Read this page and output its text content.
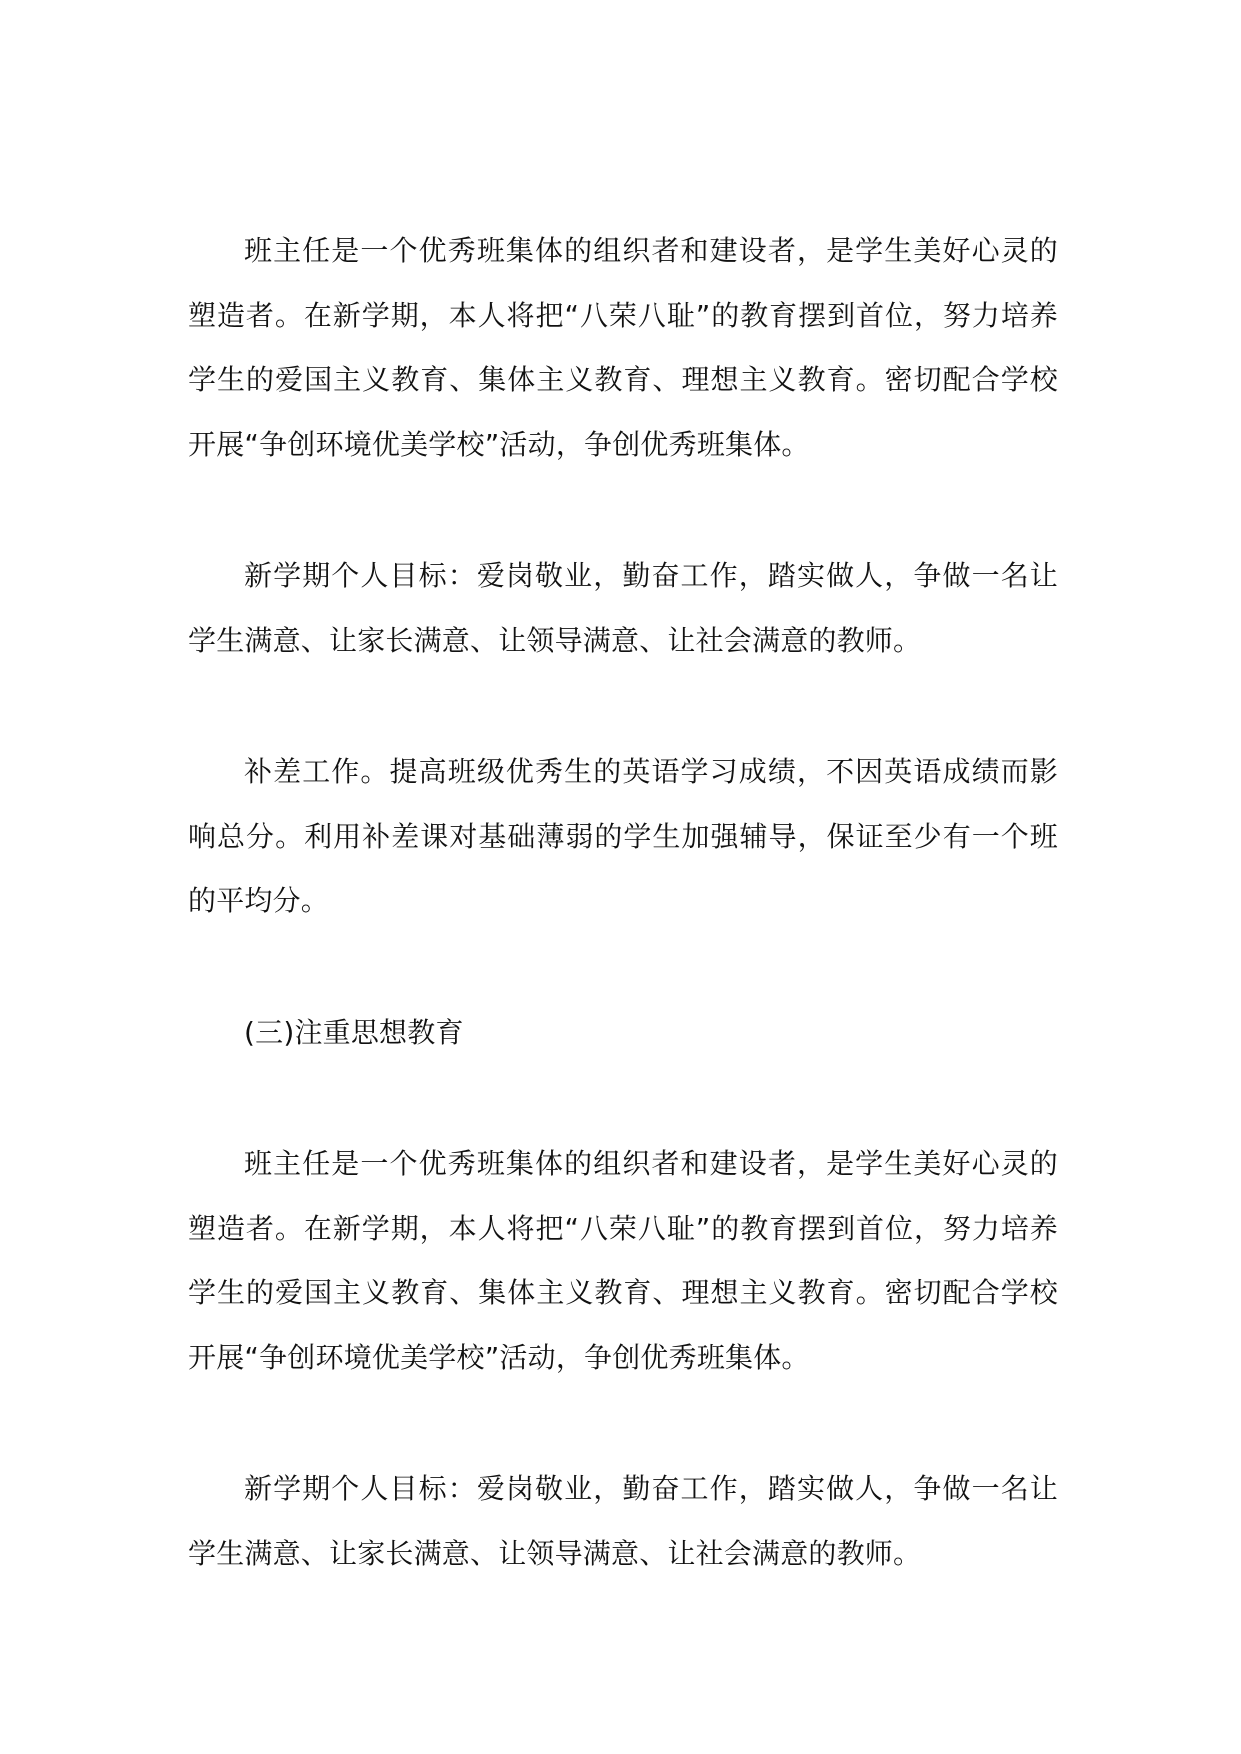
班主任是一个优秀班集体的组织者和建设者，是学生美好心灵的塑造者。在新学期，本人将把“八荣八耻”的教育摆到首位，努力培养学生的爱国主义教育、集体主义教育、理想主义教育。密切配合学校开展“争创环境优美学校”活动，争创优秀班集体。

新学期个人目标：爱岗敬业，勤奋工作，踏实做人，争做一名让学生满意、让家长满意、让领导满意、让社会满意的教师。

补差工作。提高班级优秀生的英语学习成绩，不因英语成绩而影响总分。利用补差课对基础薄弱的学生加强辅导，保证至少有一个班的平均分。

(三)注重思想教育

班主任是一个优秀班集体的组织者和建设者，是学生美好心灵的塑造者。在新学期，本人将把“八荣八耻”的教育摆到首位，努力培养学生的爱国主义教育、集体主义教育、理想主义教育。密切配合学校开展“争创环境优美学校”活动，争创优秀班集体。

新学期个人目标：爱岗敬业，勤奋工作，踏实做人，争做一名让学生满意、让家长满意、让领导满意、让社会满意的教师。
